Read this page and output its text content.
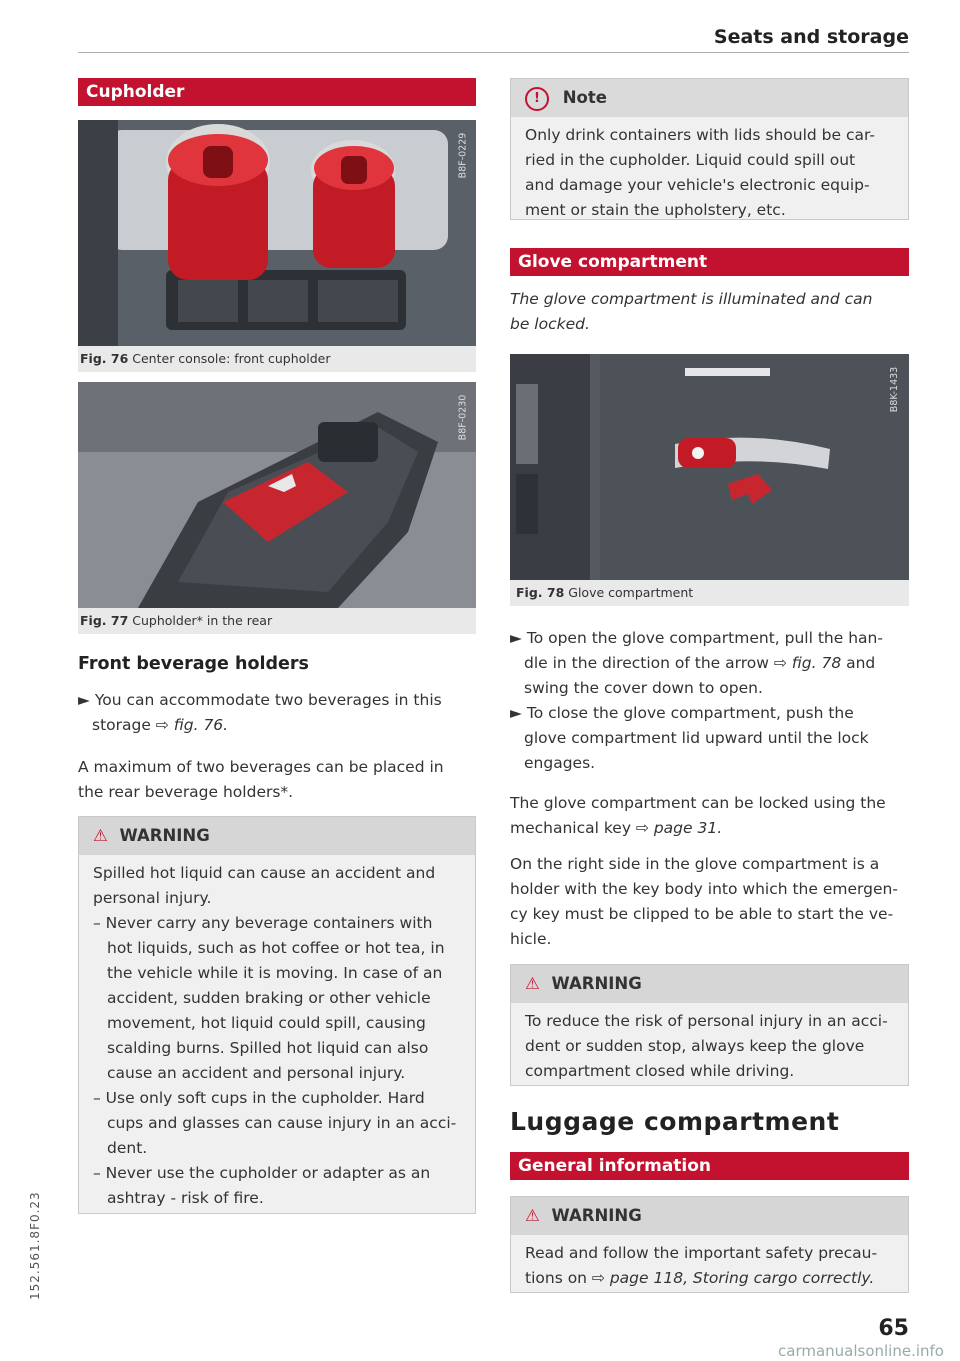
Seats and storage
Cupholder
B8F-0229
Fig. 76 Center console: front cupholder
B8F-0230
Fig. 77 Cupholder* in the rear
Front beverage holders
► You can accommodate two beverages in this
storage ⇨ fig. 76.
A maximum of two beverages can be placed in
the rear beverage holders*.
⚠ WARNING
Spilled hot liquid can cause an accident and
personal injury.
– Never carry any beverage containers with
hot liquids, such as hot coffee or hot tea, in
the vehicle while it is moving. In case of an
accident, sudden braking or other vehicle
movement, hot liquid could spill, causing
scalding burns. Spilled hot liquid can also
cause an accident and personal injury.
– Use only soft cups in the cupholder. Hard
cups and glasses can cause injury in an acci-
dent.
– Never use the cupholder or adapter as an
ashtray - risk of fire.
! Note
Only drink containers with lids should be car-
ried in the cupholder. Liquid could spill out
and damage your vehicle's electronic equip-
ment or stain the upholstery, etc.
Glove compartment
The glove compartment is illuminated and can
be locked.
B8K-1433
Fig. 78 Glove compartment
► To open the glove compartment, pull the han-
dle in the direction of the arrow ⇨ fig. 78 and
swing the cover down to open.
► To close the glove compartment, push the
glove compartment lid upward until the lock
engages.
The glove compartment can be locked using the
mechanical key ⇨ page 31.
On the right side in the glove compartment is a
holder with the key body into which the emergen-
cy key must be clipped to be able to start the ve-
hicle.
⚠ WARNING
To reduce the risk of personal injury in an acci-
dent or sudden stop, always keep the glove
compartment closed while driving.
Luggage compartment
General information
⚠ WARNING
Read and follow the important safety precau-
tions on ⇨ page 118, Storing cargo correctly.
152.561.8F0.23
65
carmanualsonline.info
